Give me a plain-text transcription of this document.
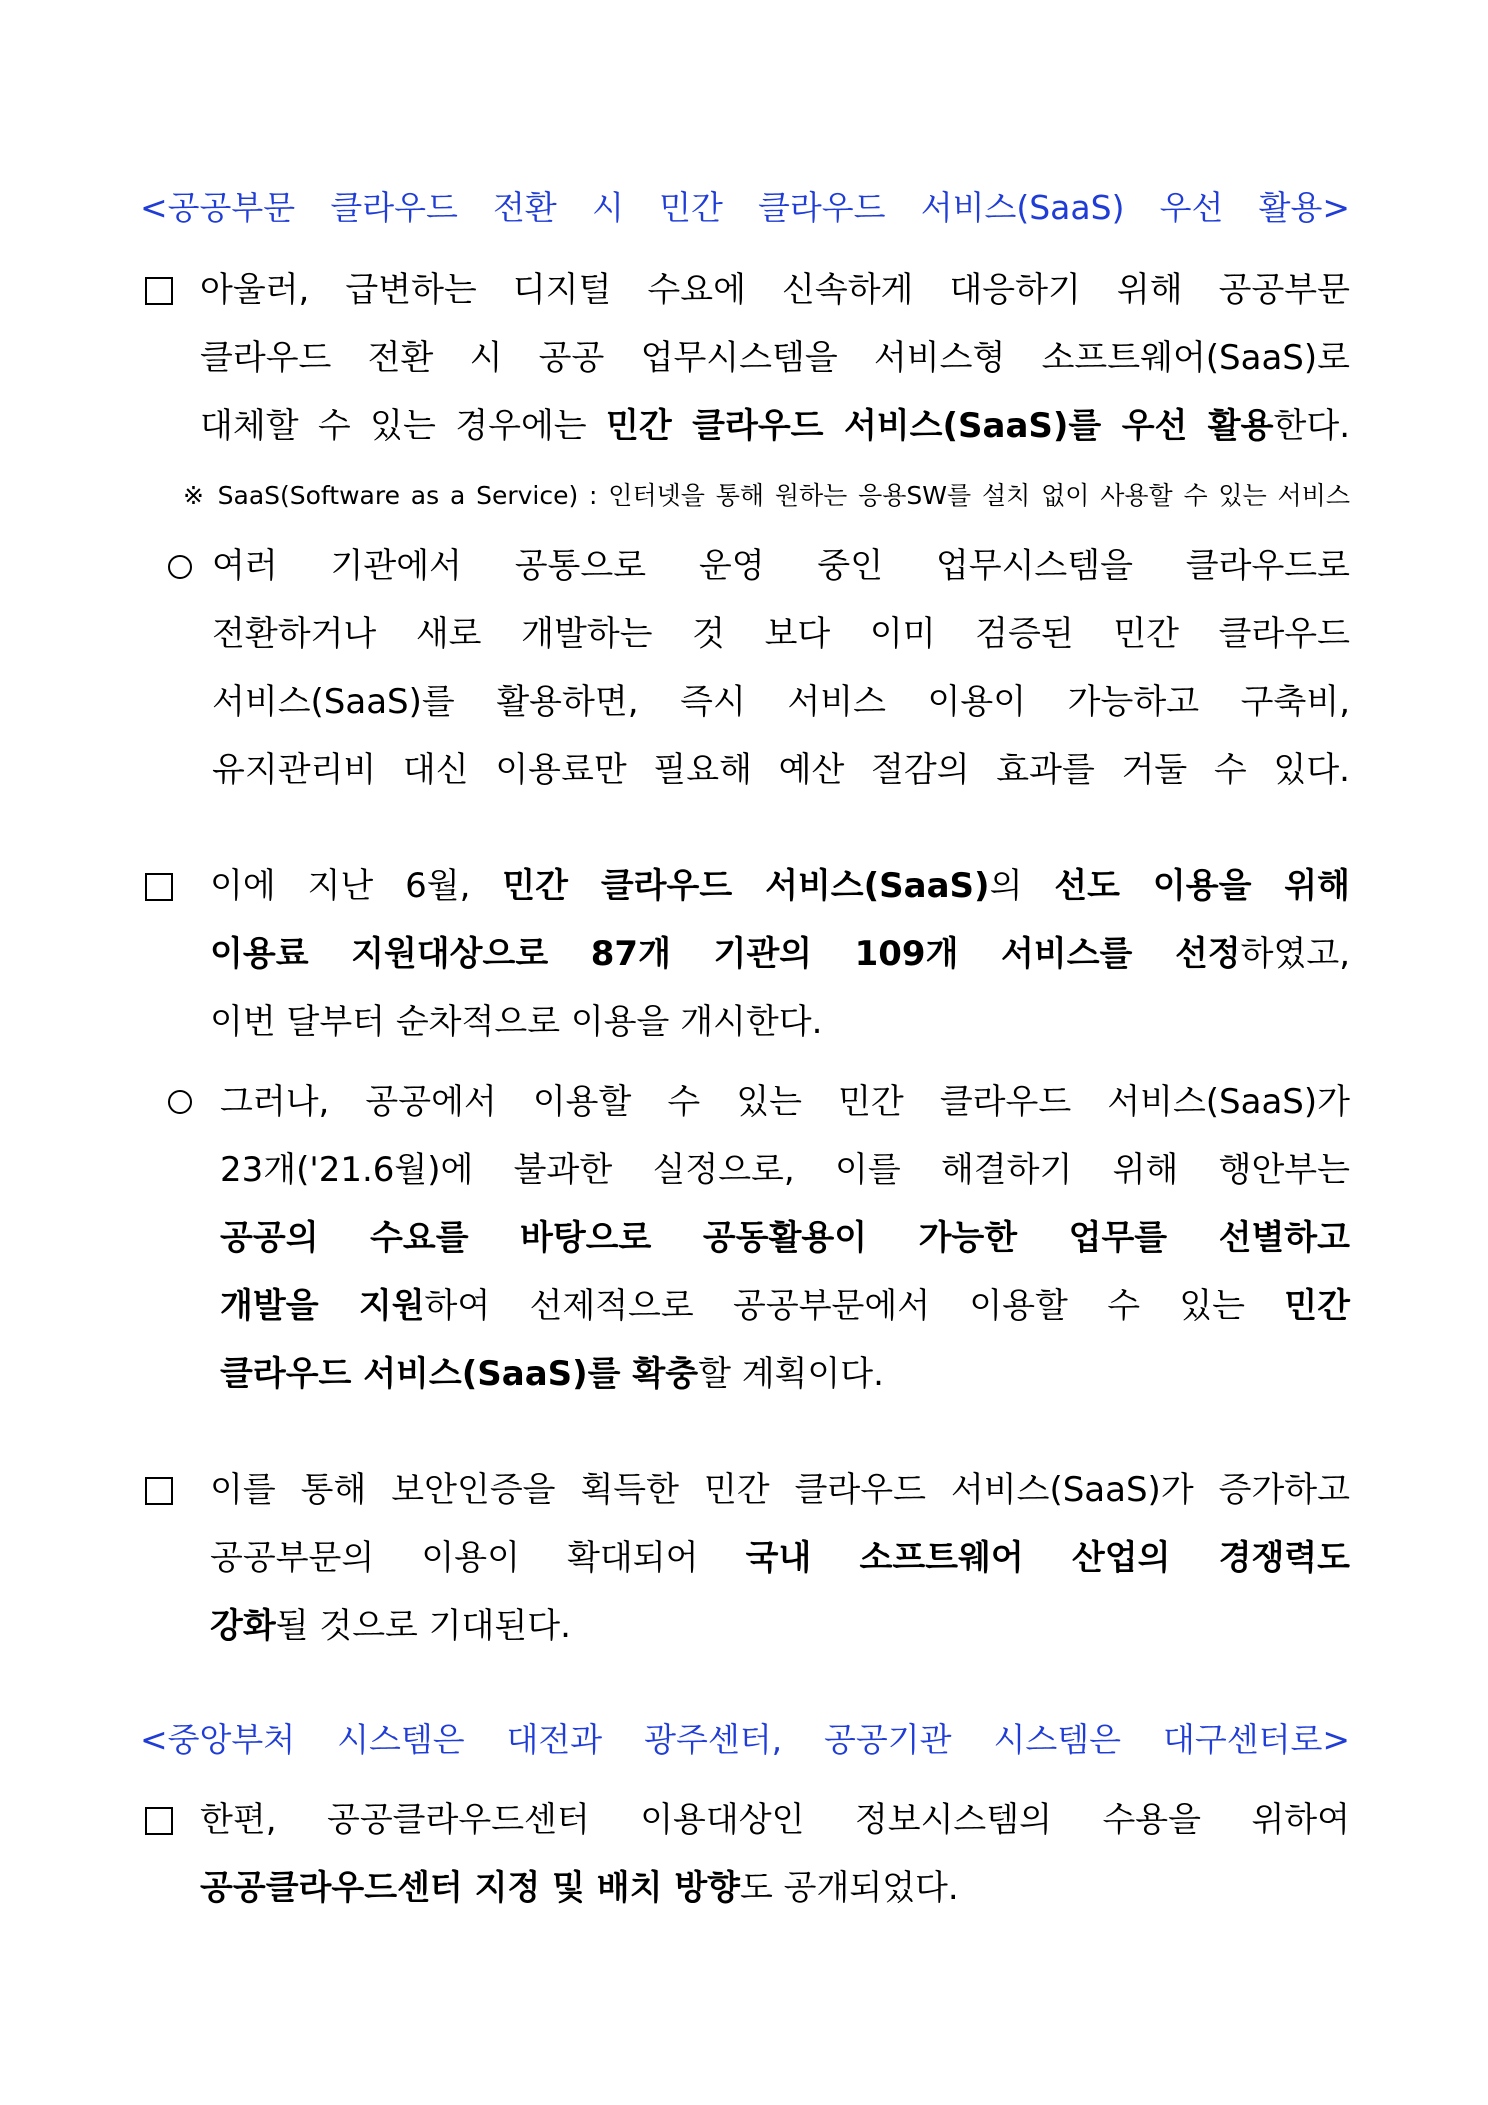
<공공부문 클라우드 전환 시 민간 클라우드 서비스(SaaS) 우선 활용>
아울러, 급변하는 디지털 수요에 신속하게 대응하기 위해 공공부문
클라우드 전환 시 공공 업무시스템을 서비스형 소프트웨어(SaaS)로
대체할 수 있는 경우에는 민간 클라우드 서비스(SaaS)를 우선 활용한다.
※ SaaS(Software as a Service) : 인터넷을 통해 원하는 응용SW를 설치 없이 사용할 수 있는 서비스
여러 기관에서 공통으로 운영 중인 업무시스템을 클라우드로
전환하거나 새로 개발하는 것 보다 이미 검증된 민간 클라우드
서비스(SaaS)를 활용하면, 즉시 서비스 이용이 가능하고 구축비,
유지관리비 대신 이용료만 필요해 예산 절감의 효과를 거둘 수 있다.
이에 지난 6월, 민간 클라우드 서비스(SaaS)의 선도 이용을 위해
이용료 지원대상으로 87개 기관의 109개 서비스를 선정하였고,
이번 달부터 순차적으로 이용을 개시한다.
그러나, 공공에서 이용할 수 있는 민간 클라우드 서비스(SaaS)가
23개('21.6월)에 불과한 실정으로, 이를 해결하기 위해 행안부는
공공의 수요를 바탕으로 공동활용이 가능한 업무를 선별하고
개발을 지원하여 선제적으로 공공부문에서 이용할 수 있는 민간
클라우드 서비스(SaaS)를 확충할 계획이다.
이를 통해 보안인증을 획득한 민간 클라우드 서비스(SaaS)가 증가하고
공공부문의 이용이 확대되어 국내 소프트웨어 산업의 경쟁력도
강화될 것으로 기대된다.
<중앙부처 시스템은 대전과 광주센터, 공공기관 시스템은 대구센터로>
한편, 공공클라우드센터 이용대상인 정보시스템의 수용을 위하여
공공클라우드센터 지정 및 배치 방향도 공개되었다.
